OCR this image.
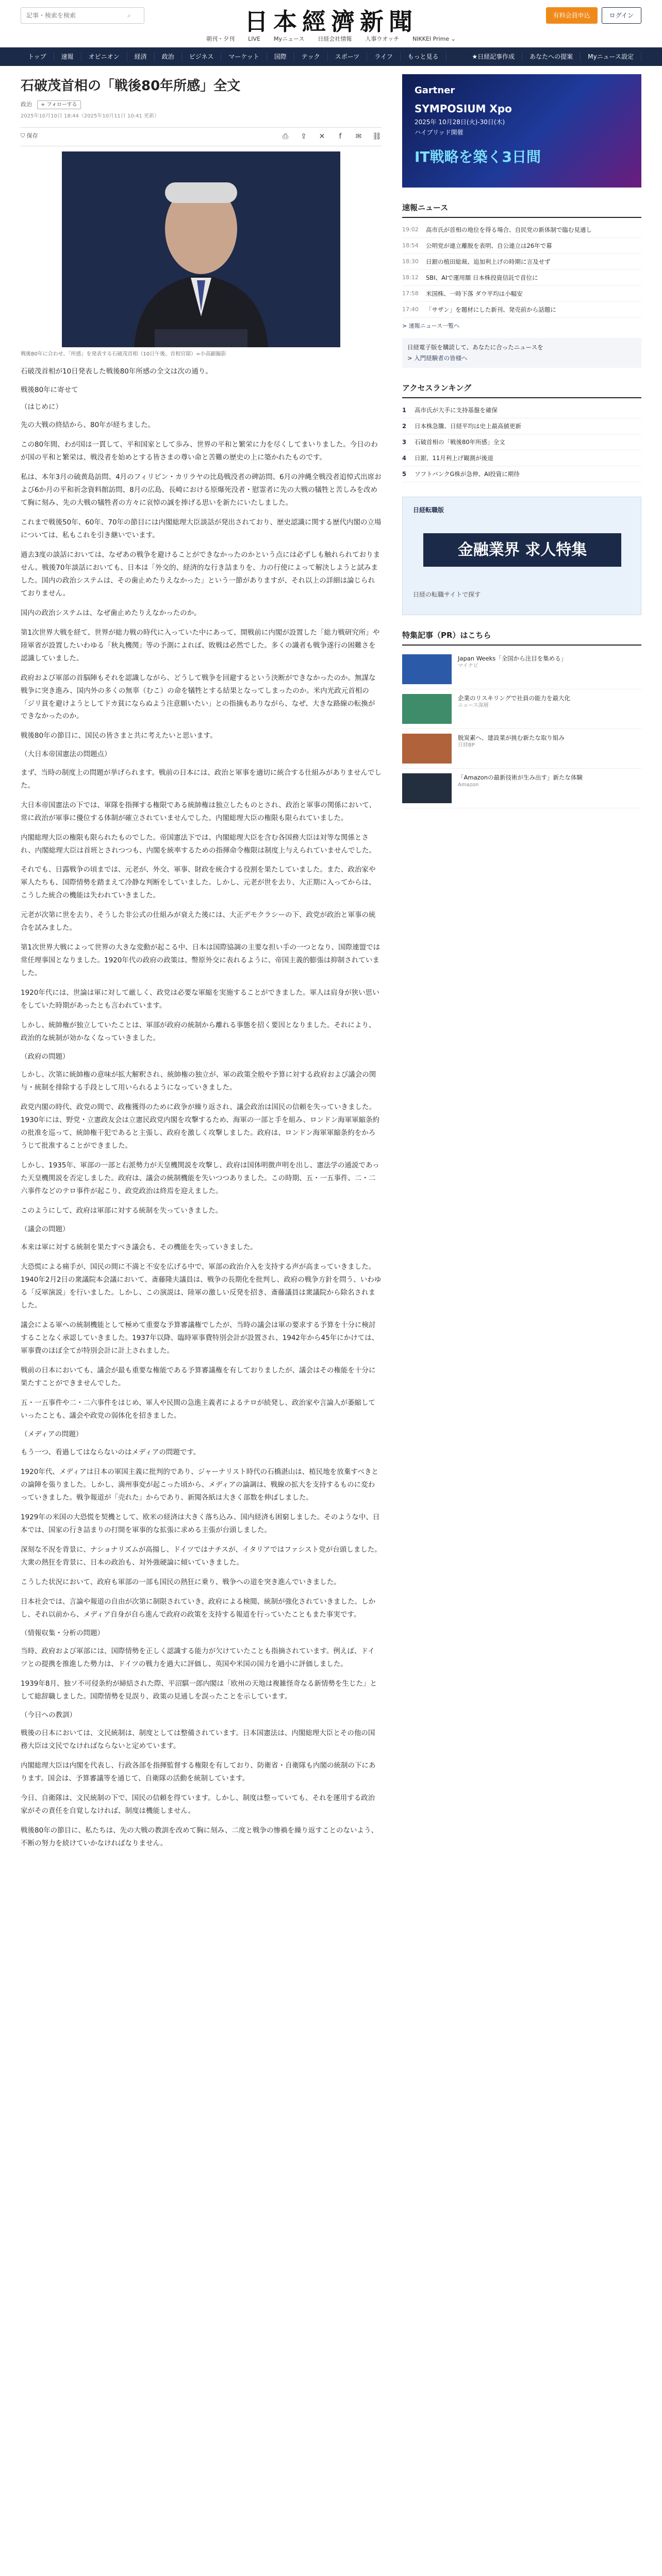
記事・検索を検索
⌕	日本經濟新聞	有料会員申込	ログイン
朝刊・夕刊 LIVE Myニュース 日経会社情報 人事ウオッチ NIKKEI Prime ⌄
トップ	速報	オピニオン	経済	政治	ビジネス	マーケット	国際	テック	スポーツ	ライフ	もっと見る	★日経記事作成	あなたへの提案	Myニュース設定
石破茂首相の「戦後80年所感」全文
政治	+ フォローする
2025年10月10日 18:44（2025年10月11日 10:41 更新）
⛉ 保存	⎙ ⇪ ✕ f ✉ ⛓
戦後80年に合わせ、「所感」を発表する石破茂首相（10日午後、首相官邸）=小高顕撮影
石破茂首相が10日発表した戦後80年所感の全文は次の通り。
戦後80年に寄せて
（はじめに）
先の大戦の終結から、80年が経ちました。
この80年間、わが国は一貫して、平和国家として歩み、世界の平和と繁栄に力を尽くしてまいりました。今日のわが国の平和と繁栄は、戦没者を始めとする皆さまの尊い命と苦難の歴史の上に築かれたものです。
私は、本年3月の硫黄島訪問、4月のフィリピン・カリラヤの比島戦没者の碑訪問、6月の沖縄全戦没者追悼式出席および6か月の平和祈念資料館訪問、8月の広島、長崎における原爆死没者・慰霊者に先の大戦の犠牲と苦しみを改めて胸に刻み、先の大戦の犠牲者の方々に哀悼の誠を捧げる思いを新たにいたしました。
これまで戦後50年、60年、70年の節目には内閣総理大臣談話が発出されており、歴史認識に関する歴代内閣の立場については、私もこれを引き継いでいます。
過去3度の談話においては、なぜあの戦争を避けることができなかったのかという点には必ずしも触れられておりません。戦後70年談話においても、日本は「外交的、経済的な行き詰まりを、力の行使によって解決しようと試みました。国内の政治システムは、その歯止めたりえなかった」という一節がありますが、それ以上の詳細は論じられておりません。
国内の政治システムは、なぜ歯止めたりえなかったのか。
第1次世界大戦を経て、世界が総力戦の時代に入っていた中にあって、開戦前に内閣が設置した「総力戦研究所」や陸軍省が設置したいわゆる「秋丸機関」等の予測によれば、敗戦は必然でした。多くの識者も戦争遂行の困難さを認識していました。
政府および軍部の首脳陣もそれを認識しながら、どうして戦争を回避するという決断ができなかったのか。無謀な戦争に突き進み、国内外の多くの無辜（むこ）の命を犠牲とする結果となってしまったのか。米内光政元首相の「ジリ貧を避けようとしてドカ貧にならぬよう注意願いたい」との指摘もありながら、なぜ、大きな路線の転換ができなかったのか。
戦後80年の節目に、国民の皆さまと共に考えたいと思います。
（大日本帝国憲法の問題点）
まず、当時の制度上の問題が挙げられます。戦前の日本には、政治と軍事を適切に統合する仕組みがありませんでした。
大日本帝国憲法の下では、軍隊を指揮する権限である統帥権は独立したものとされ、政治と軍事の関係において、常に政治が軍事に優位する体制が確立されていませんでした。内閣総理大臣の権限も限られていました。
内閣総理大臣の権限も限られたものでした。帝国憲法下では、内閣総理大臣を含む各国務大臣は対等な関係とされ、内閣総理大臣は首班とされつつも、内閣を統率するための指揮命令権限は制度上与えられていませんでした。
それでも、日露戦争の頃までは、元老が、外交、軍事、財政を統合する役割を果たしていました。また、政治家や軍人たちも、国際情勢を踏まえて冷静な判断をしていました。しかし、元老が世を去り、大正期に入ってからは、こうした統合の機能は失われていきました。
元老が次第に世を去り、そうした非公式の仕組みが衰えた後には、大正デモクラシーの下、政党が政治と軍事の統合を試みました。
第1次世界大戦によって世界の大きな変動が起こる中、日本は国際協調の主要な担い手の一つとなり、国際連盟では常任理事国となりました。1920年代の政府の政策は、幣原外交に表れるように、帝国主義的膨張は抑制されていました。
1920年代には、世論は軍に対して厳しく、政党は必要な軍縮を実施することができました。軍人は肩身が狭い思いをしていた時期があったとも言われています。
しかし、統帥権が独立していたことは、軍部が政府の統制から離れる事態を招く要因となりました。それにより、政治的な統制が効かなくなっていきました。
（政府の問題）
しかし、次第に統帥権の意味が拡大解釈され、統帥権の独立が、軍の政策全般や予算に対する政府および議会の関与・統制を排除する手段として用いられるようになっていきました。
政党内閣の時代、政党の間で、政権獲得のために政争が繰り返され、議会政治は国民の信頼を失っていきました。1930年には、野党・立憲政友会は立憲民政党内閣を攻撃するため、海軍の一部と手を組み、ロンドン海軍軍縮条約の批准を巡って、統帥権干犯であると主張し、政府を激しく攻撃しました。政府は、ロンドン海軍軍縮条約をかろうじて批准することができました。
しかし、1935年、軍部の一部と右派勢力が天皇機関説を攻撃し、政府は国体明徴声明を出し、憲法学の通説であった天皇機関説を否定しました。政府は、議会の統制機能を失いつつありました。この時期、五・一五事件、二・二六事件などのテロ事件が起こり、政党政治は終焉を迎えました。
このようにして、政府は軍部に対する統制を失っていきました。
（議会の問題）
本来は軍に対する統制を果たすべき議会も、その機能を失っていきました。
大恐慌による痛手が、国民の間に不満と不安を広げる中で、軍部の政治介入を支持する声が高まっていきました。1940年2月2日の衆議院本会議において、斎藤隆夫議員は、戦争の長期化を批判し、政府の戦争方針を問う、いわゆる「反軍演説」を行いました。しかし、この演説は、陸軍の激しい反発を招き、斎藤議員は衆議院から除名されました。
議会による軍への統制機能として極めて重要な予算審議権でしたが、当時の議会は軍の要求する予算を十分に検討することなく承認していきました。1937年以降、臨時軍事費特別会計が設置され、1942年から45年にかけては、軍事費のほぼ全てが特別会計に計上されました。
戦前の日本においても、議会が最も重要な権能である予算審議権を有しておりましたが、議会はその権能を十分に果たすことができませんでした。
五・一五事件や二・二六事件をはじめ、軍人や民間の急進主義者によるテロが続発し、政治家や言論人が萎縮していったことも、議会や政党の弱体化を招きました。
（メディアの問題）
もう一つ、看過してはならないのはメディアの問題です。
1920年代、メディアは日本の軍国主義に批判的であり、ジャーナリスト時代の石橋湛山は、植民地を放棄すべきとの論陣を張りました。しかし、満州事変が起こった頃から、メディアの論調は、戦線の拡大を支持するものに変わっていきました。戦争報道が「売れた」からであり、新聞各紙は大きく部数を伸ばしました。
1929年の米国の大恐慌を契機として、欧米の経済は大きく落ち込み、国内経済も困窮しました。そのような中、日本では、国家の行き詰まりの打開を軍事的な拡張に求める主張が台頭しました。
深刻な不況を背景に、ナショナリズムが高揚し、ドイツではナチスが、イタリアではファシスト党が台頭しました。大衆の熱狂を背景に、日本の政治も、対外強硬論に傾いていきました。
こうした状況において、政府も軍部の一部も国民の熱狂に乗り、戦争への道を突き進んでいきました。
日本社会では、言論や報道の自由が次第に制限されていき、政府による検閲、統制が強化されていきました。しかし、それ以前から、メディア自身が自ら進んで政府の政策を支持する報道を行っていたこともまた事実です。
（情報収集・分析の問題）
当時、政府および軍部には、国際情勢を正しく認識する能力が欠けていたことも指摘されています。例えば、ドイツとの提携を推進した勢力は、ドイツの戦力を過大に評価し、英国や米国の国力を過小に評価しました。
1939年8月、独ソ不可侵条約が締結された際、平沼騏一郎内閣は「欧州の天地は複雑怪奇なる新情勢を生じた」として総辞職しました。国際情勢を見誤り、政策の見通しを誤ったことを示しています。
（今日への教訓）
戦後の日本においては、文民統制は、制度としては整備されています。日本国憲法は、内閣総理大臣とその他の国務大臣は文民でなければならないと定めています。
内閣総理大臣は内閣を代表し、行政各部を指揮監督する権限を有しており、防衛省・自衛隊も内閣の統制の下にあります。国会は、予算審議等を通じて、自衛隊の活動を統制しています。
今日、自衛隊は、文民統制の下で、国民の信頼を得ています。しかし、制度は整っていても、それを運用する政治家がその責任を自覚しなければ、制度は機能しません。
戦後80年の節目に、私たちは、先の大戦の教訓を改めて胸に刻み、二度と戦争の惨禍を繰り返すことのないよう、不断の努力を続けていかなければなりません。
Gartner
SYMPOSIUM Xpo
2025年 10月28日(火)-30日(木)
ハイブリッド開催
IT戦略を築く3日間
速報ニュース
19:02	高市氏が首相の地位を得る場合、自民党の新体制で臨む見通し
18:54	公明党が連立離脱を表明、自公連立は26年で幕
18:30	日銀の植田総裁、追加利上げの時期に言及せず
18:12	SBI、AIで運用額 日本株投資信託で首位に
17:58	米国株、一時下落 ダウ平均は小幅安
17:40	「サザン」を題材にした新刊、発売前から話題に
> 速報ニュース一覧へ
日経電子版を購読して、あなたに合ったニュースを
> 入門経験者の皆様へ
アクセスランキング
1	高市氏が大手に支持基盤を確保
2	日本株急騰、日経平均は史上最高値更新
3	石破首相の「戦後80年所感」全文
4	日銀、11月利上げ観測が後退
5	ソフトバンクG株が急伸、AI投資に期待
日経転職版
金融業界 求人特集
日経の転職サイトで探す
特集記事（PR）はこちら
Japan Weeks「全国から注目を集める」
マイナビ
企業のリスキリングで社員の能力を最大化
ニュース深層
脱炭素へ、建設業が挑む新たな取り組み
日経BP
「Amazonの最新技術が生み出す」新たな体験
Amazon
